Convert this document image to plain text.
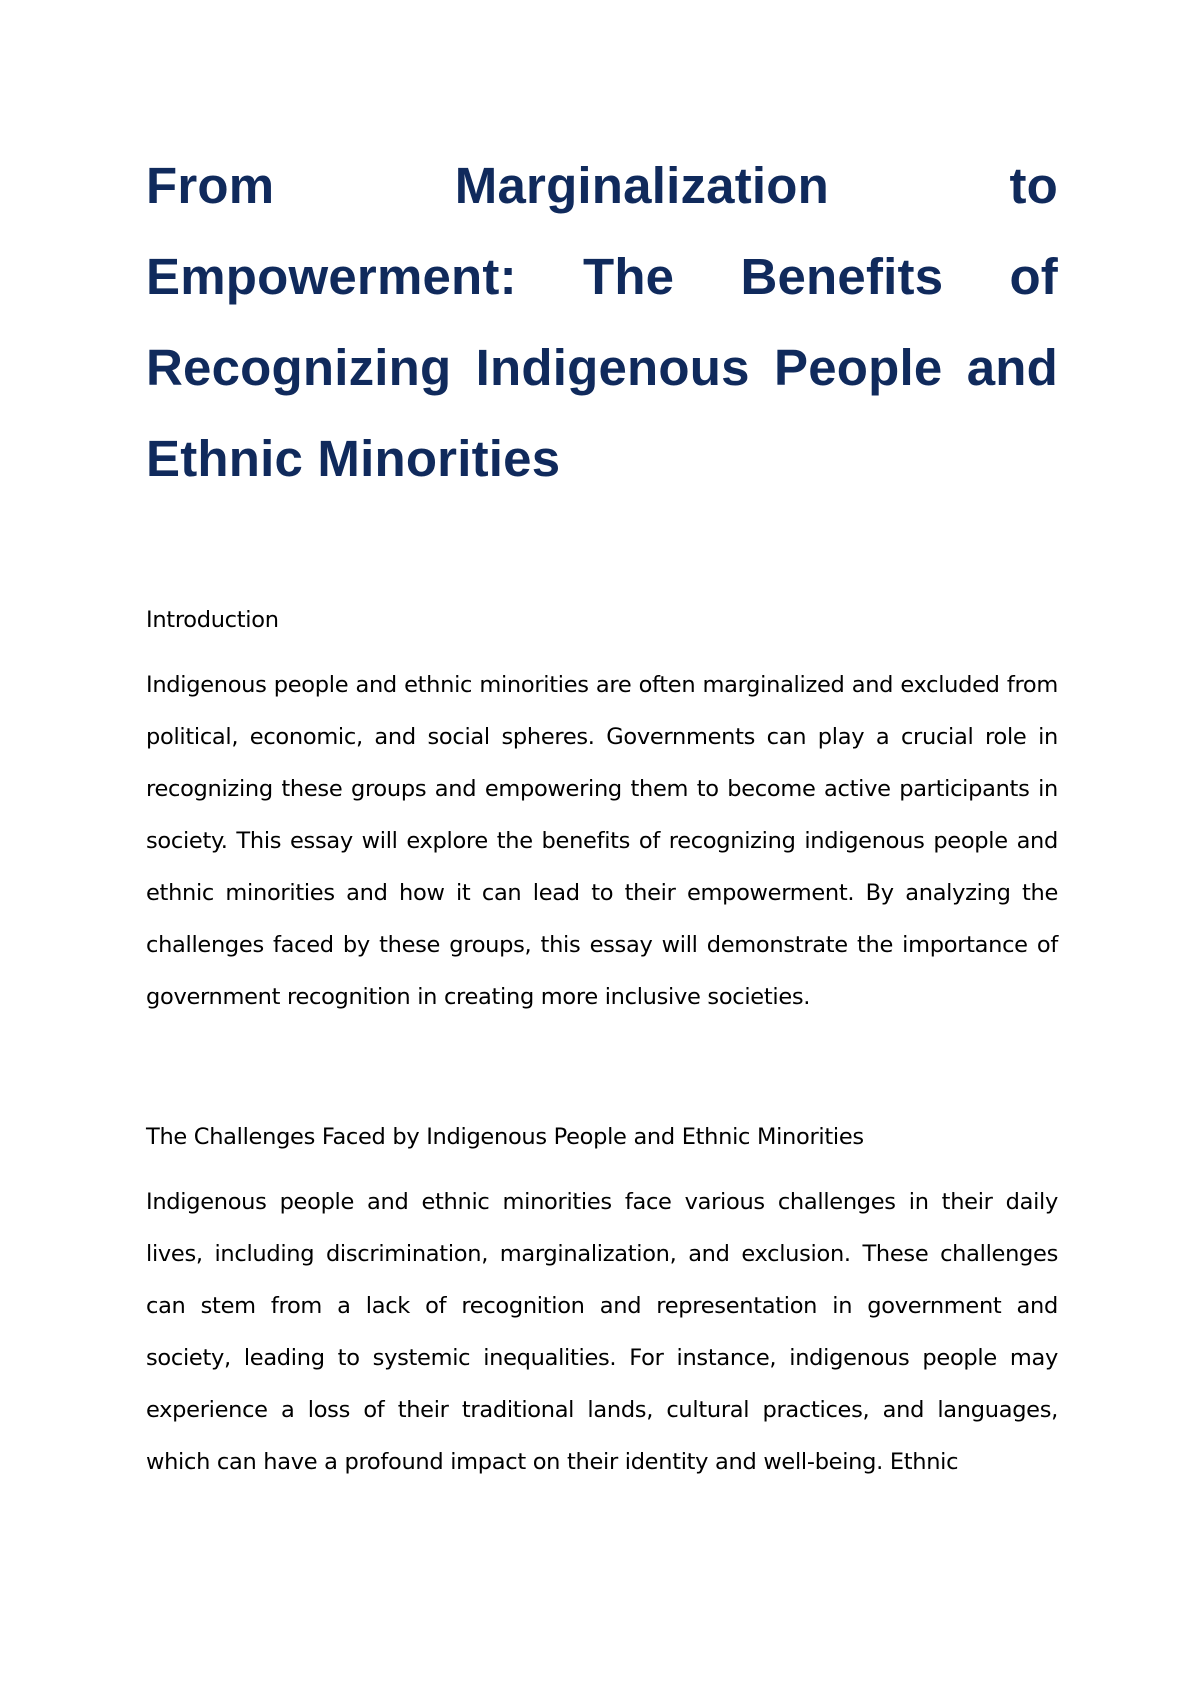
From Marginalization to
Empowerment: The Benefits of
Recognizing Indigenous People and
Ethnic Minorities
Introduction

Indigenous people and ethnic minorities are often marginalized and excluded from political, economic, and social spheres. Governments can play a crucial role in recognizing these groups and empowering them to become active participants in society. This essay will explore the benefits of recognizing indigenous people and ethnic minorities and how it can lead to their empowerment. By analyzing the challenges faced by these groups, this essay will demonstrate the importance of government recognition in creating more inclusive societies.

The Challenges Faced by Indigenous People and Ethnic Minorities

Indigenous people and ethnic minorities face various challenges in their daily lives, including discrimination, marginalization, and exclusion. These challenges can stem from a lack of recognition and representation in government and society, leading to systemic inequalities. For instance, indigenous people may experience a loss of their traditional lands, cultural practices, and languages, which can have a profound impact on their identity and well-being. Ethnic
